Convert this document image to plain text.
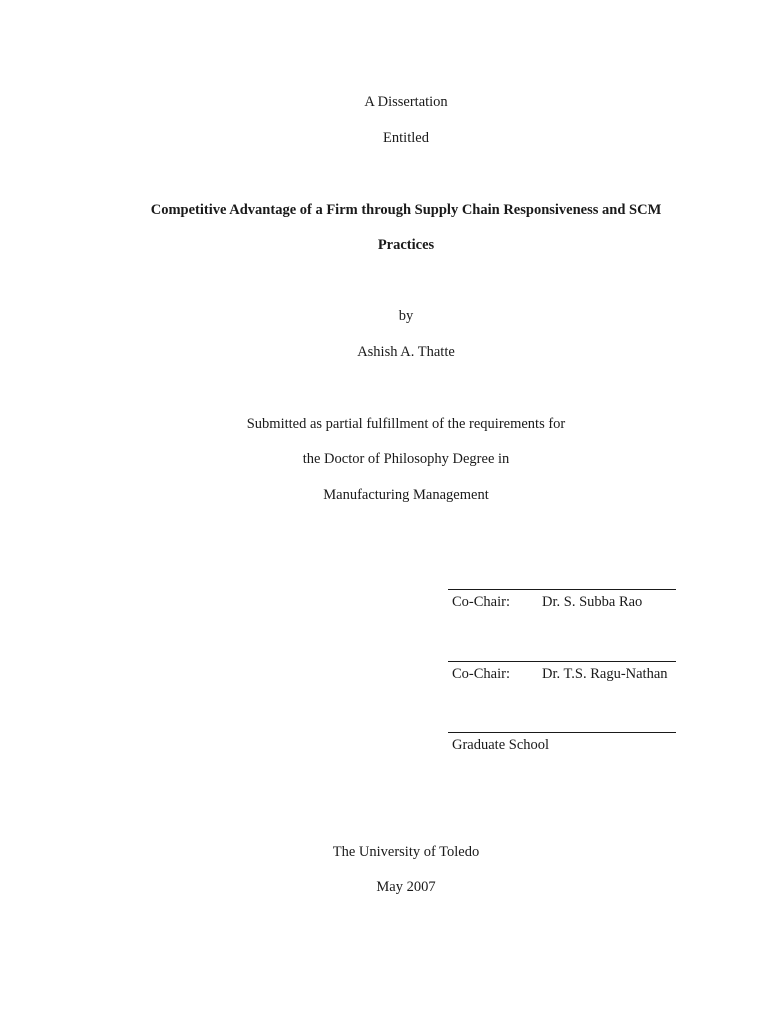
A Dissertation
Entitled
Competitive Advantage of a Firm through Supply Chain Responsiveness and SCM
Practices
by
Ashish A. Thatte
Submitted as partial fulfillment of the requirements for
the Doctor of Philosophy Degree in
Manufacturing Management
Co-Chair: Dr. S. Subba Rao
Co-Chair: Dr. T.S. Ragu-Nathan
Graduate School
The University of Toledo
May 2007
